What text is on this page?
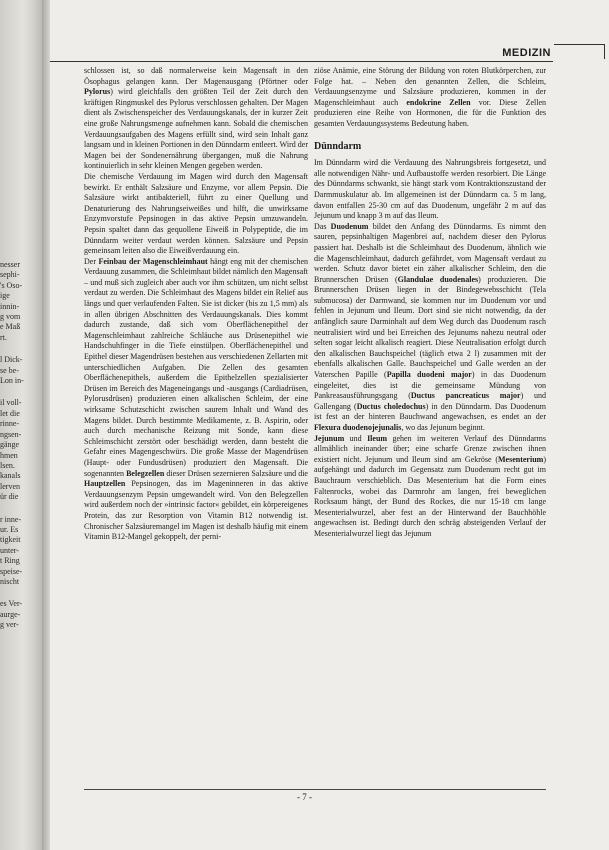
nesser
sephi-
's Oso-
ige
innin-
g vom
e Maß
rt.
l Dick-
se be-
Lon in-
il voll-
let die
rinne-
ngsen-
gänge
hmen
lsen.
kanals
lerven
ür die
r inne-
ur. Es
tigkeit
unter-
t Ring
speise-
nischt
es Ver-
aurge-
g ver-
MEDIZIN

schlossen ist, so daß normalerweise kein Magensaft in den Ösophagus gelangen kann. Der Magenausgang (Pförtner oder Pylorus) wird gleichfalls den größten Teil der Zeit durch den kräftigen Ringmuskel des Pylorus verschlossen gehalten. Der Magen dient als Zwischenspeicher des Verdauungskanals, der in kurzer Zeit eine große Nahrungsmenge aufnehmen kann. Sobald die chemischen Verdauungsaufgaben des Magens erfüllt sind, wird sein Inhalt ganz langsam und in kleinen Portionen in den Dünndarm entleert. Wird der Magen bei der Sondenernährung übergangen, muß die Nahrung kontinuierlich in sehr kleinen Mengen gegeben werden.

Die chemische Verdauung im Magen wird durch den Magensaft bewirkt. Er enthält Salzsäure und Enzyme, vor allem Pepsin. Die Salzsäure wirkt antibakteriell, führt zu einer Quellung und Denaturierung des Nahrungseiweißes und hilft, die unwirksame Enzymvorstufe Pepsinogen in das aktive Pepsin umzuwandeln. Pepsin spaltet dann das gequollene Eiweiß in Polypeptide, die im Dünndarm weiter verdaut werden können. Salzsäure und Pepsin gemeinsam leiten also die Eiweißverdauung ein.

Der Feinbau der Magenschleimhaut hängt eng mit der chemischen Verdauung zusammen, die Schleimhaut bildet nämlich den Magensaft – und muß sich zugleich aber auch vor ihm schützen, um nicht selbst verdaut zu werden. Die Schleimhaut des Magens bildet ein Relief aus längs und quer verlaufenden Falten. Sie ist dicker (bis zu 1,5 mm) als in allen übrigen Abschnitten des Verdauungskanals. Dies kommt dadurch zustande, daß sich vom Oberflächenepithel der Magenschleimhaut zahlreiche Schläuche aus Drüsenepithel wie Handschuhfinger in die Tiefe einstülpen. Oberflächenepithel und Epithel dieser Magendrüsen bestehen aus verschiedenen Zellarten mit unterschiedlichen Aufgaben. Die Zellen des gesamten Oberflächenepithels, außerdem die Epithelzellen spezialisierter Drüsen im Bereich des Mageneingangs und -ausgangs (Cardiadrüsen, Pylorusdrüsen) produzieren einen alkalischen Schleim, der eine wirksame Schutzschicht zwischen saurem Inhalt und Wand des Magens bildet. Durch bestimmte Medikamente, z. B. Aspirin, oder auch durch mechanische Reizung mit Sonde, kann diese Schleimschicht zerstört oder beschädigt werden, dann besteht die Gefahr eines Magengeschwürs. Die große Masse der Magendrüsen (Haupt- oder Fundusdrüsen) produziert den Magensaft. Die sogenannten Belegzellen dieser Drüsen sezernieren Salzsäure und die Hauptzellen Pepsinogen, das im Mageninneren in das aktive Verdauungsenzym Pepsin umgewandelt wird. Von den Belegzellen wird außerdem noch der »intrinsic factor« gebildet, ein körpereigenes Protein, das zur Resorption von Vitamin B12 notwendig ist. Chronischer Salzsäuremangel im Magen ist deshalb häufig mit einem Vitamin B12-Mangel gekoppelt, der perni-

ziöse Anämie, eine Störung der Bildung von roten Blutkörperchen, zur Folge hat. – Neben den genannten Zellen, die Schleim, Verdauungsenzyme und Salzsäure produzieren, kommen in der Magenschleimhaut auch endokrine Zellen vor. Diese Zellen produzieren eine Reihe von Hormonen, die für die Funktion des gesamten Verdauungssystems Bedeutung haben.

Dünndarm

Im Dünndarm wird die Verdauung des Nahrungsbreis fortgesetzt, und alle notwendigen Nähr- und Aufbaustoffe werden resorbiert. Die Länge des Dünndarms schwankt, sie hängt stark vom Kontraktionszustand der Darmmuskulatur ab. Im allgemeinen ist der Dünndarm ca. 5 m lang, davon entfallen 25-30 cm auf das Duodenum, ungefähr 2 m auf das Jejunum und knapp 3 m auf das Ileum.

Das Duodenum bildet den Anfang des Dünndarms. Es nimmt den sauren, pepsinhaltigen Magenbrei auf, nachdem dieser den Pylorus passiert hat. Deshalb ist die Schleimhaut des Duodenum, ähnlich wie die Magenschleimhaut, dadurch gefährdet, vom Magensaft verdaut zu werden. Schutz davor bietet ein zäher alkalischer Schleim, den die Brunnerschen Drüsen (Glandulae duodenales) produzieren. Die Brunnerschen Drüsen liegen in der Bindegewebsschicht (Tela submucosa) der Darmwand, sie kommen nur im Duodenum vor und fehlen in Jejunum und Ileum. Dort sind sie nicht notwendig, da der anfänglich saure Darminhalt auf dem Weg durch das Duodenum rasch neutralisiert wird und bei Erreichen des Jejunums nahezu neutral oder selten sogar leicht alkalisch reagiert. Diese Neutralisation erfolgt durch den alkalischen Bauchspeichel (täglich etwa 2 l) zusammen mit der ebenfalls alkalischen Galle. Bauchspeichel und Galle werden an der Vaterschen Papille (Papilla duodeni major) in das Duodenum eingeleitet, dies ist die gemeinsame Mündung von Pankreasausführungsgang (Ductus pancreaticus major) und Gallengang (Ductus choledochus) in den Dünndarm. Das Duodenum ist fest an der hinteren Bauchwand angewachsen, es endet an der Flexura duodenojejunalis, wo das Jejunum beginnt.

Jejunum und Ileum gehen im weiteren Verlauf des Dünndarms allmählich ineinander über; eine scharfe Grenze zwischen ihnen existiert nicht. Jejunum und Ileum sind am Gekröse (Mesenterium) aufgehängt und dadurch im Gegensatz zum Duodenum recht gut im Bauchraum verschieblich. Das Mesenterium hat die Form eines Faltenrocks, wobei das Darmrohr am langen, frei beweglichen Rocksaum hängt, der Bund des Rockes, die nur 15-18 cm lange Mesenterialwurzel, aber fest an der Hinterwand der Bauchhöhle angewachsen ist. Bedingt durch den schräg absteigenden Verlauf der Mesenterialwurzel liegt das Jejunum

- 7 -
